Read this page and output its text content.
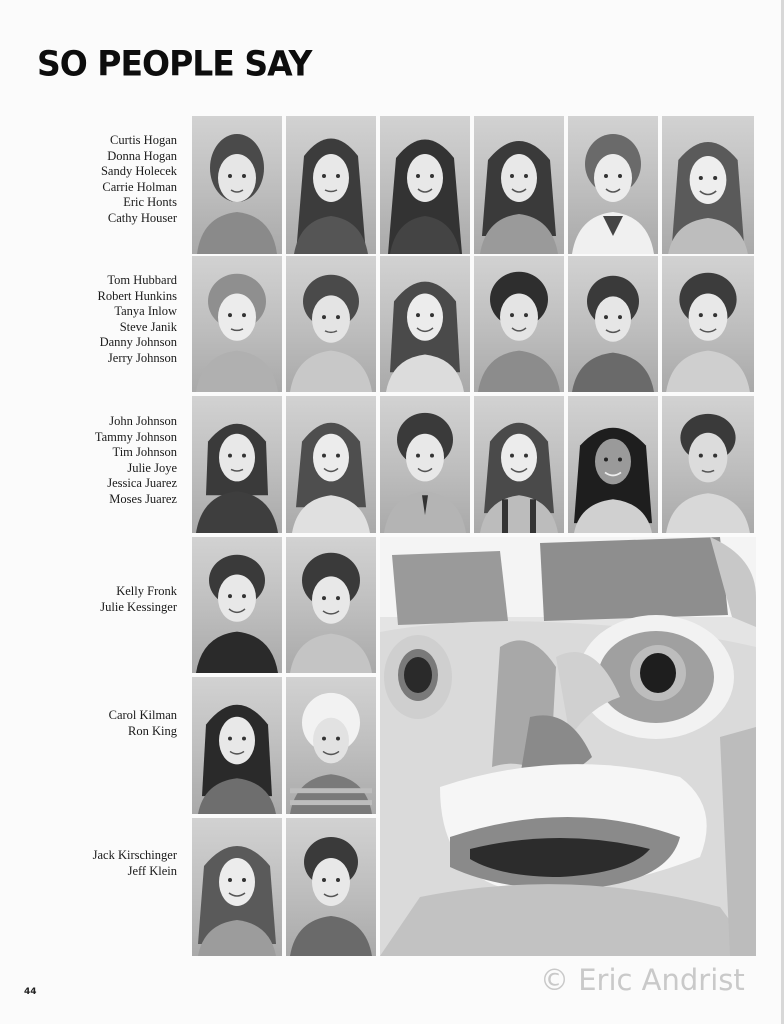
SO PEOPLE SAY
Curtis Hogan
Donna Hogan
Sandy Holecek
Carrie Holman
Eric Honts
Cathy Houser
Tom Hubbard
Robert Hunkins
Tanya Inlow
Steve Janik
Danny Johnson
Jerry Johnson
John Johnson
Tammy Johnson
Tim Johnson
Julie Joye
Jessica Juarez
Moses Juarez
Kelly Fronk
Julie Kessinger
Carol Kilman
Ron King
Jack Kirschinger
Jeff Klein
44	© Eric Andrist
